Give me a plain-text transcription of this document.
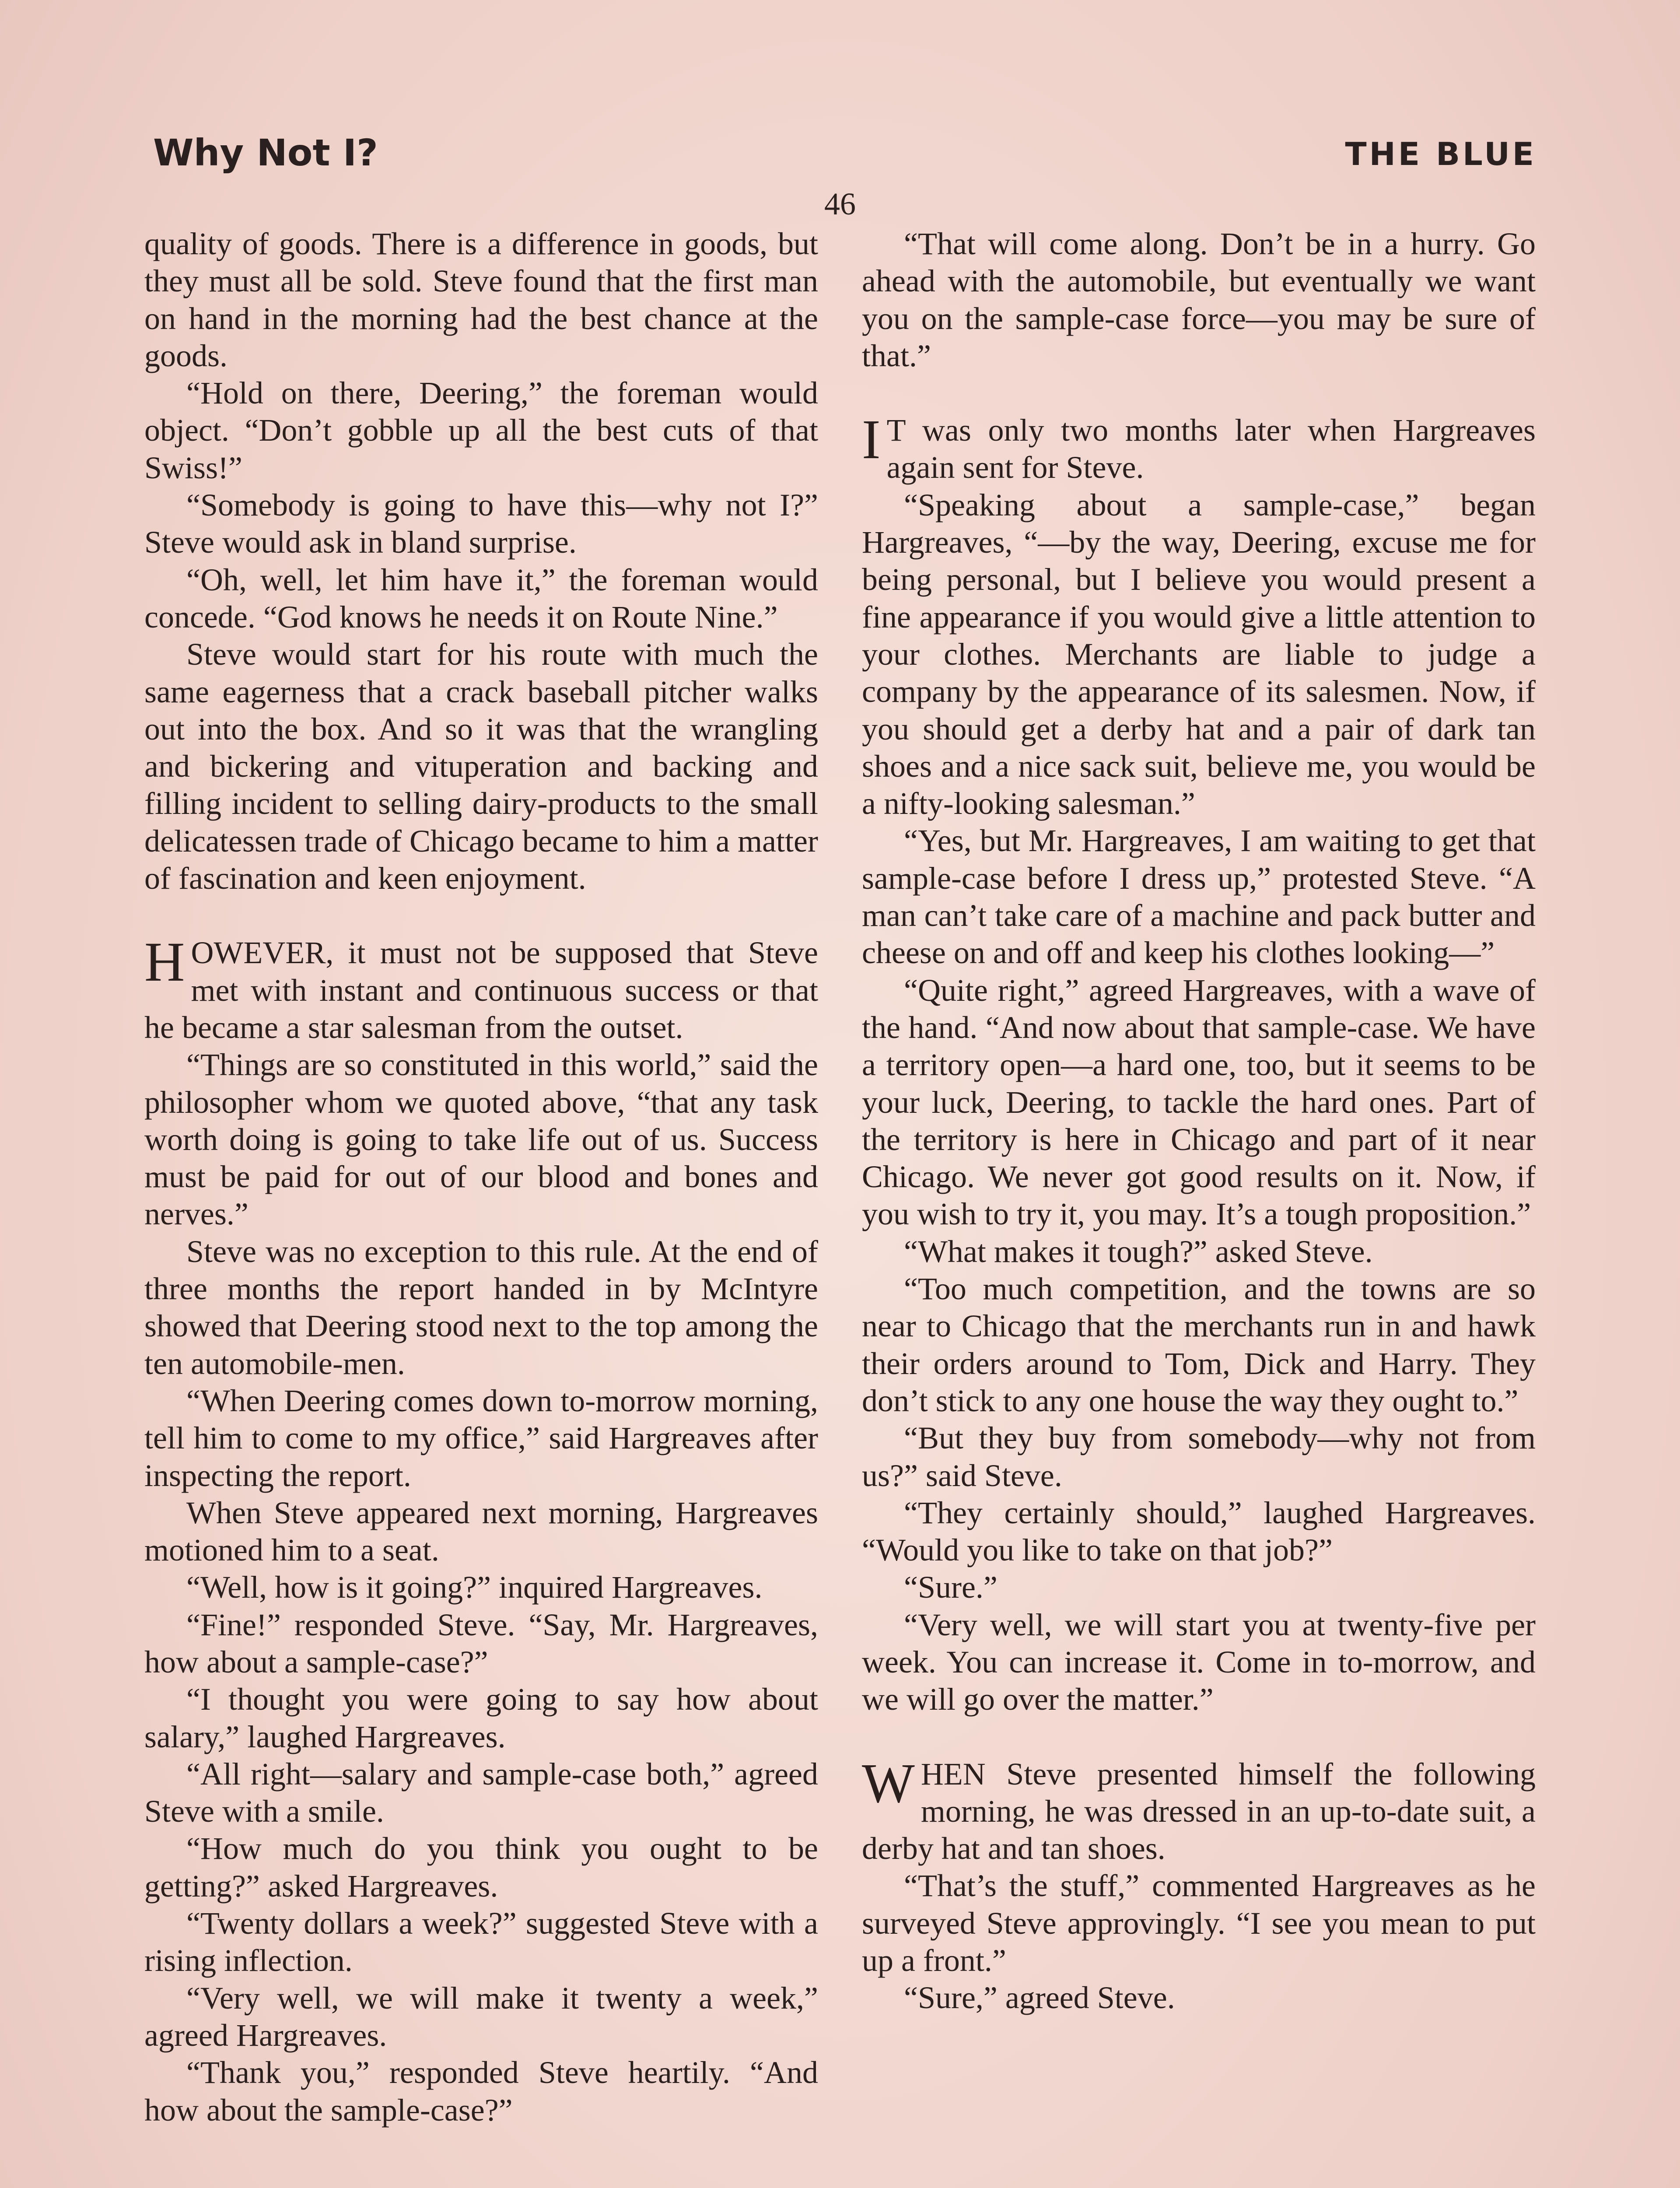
Why Not I?	THE BLUE
46

quality of goods. There is a difference in goods, but they must all be sold. Steve found that the first man on hand in the morning had the best chance at the goods.

“Hold on there, Deering,” the foreman would object. “Don’t gobble up all the best cuts of that Swiss!”

“Somebody is going to have this—why not I?” Steve would ask in bland surprise.

“Oh, well, let him have it,” the foreman would concede. “God knows he needs it on Route Nine.”

Steve would start for his route with much the same eagerness that a crack baseball pitcher walks out into the box. And so it was that the wrangling and bickering and vituperation and backing and filling incident to selling dairy-products to the small delicatessen trade of Chicago became to him a matter of fascination and keen enjoyment.

HOWEVER, it must not be supposed that Steve met with instant and continuous success or that he became a star salesman from the outset.

“Things are so constituted in this world,” said the philosopher whom we quoted above, “that any task worth doing is going to take life out of us. Success must be paid for out of our blood and bones and nerves.”

Steve was no exception to this rule. At the end of three months the report handed in by McIntyre showed that Deering stood next to the top among the ten automobile-men.

“When Deering comes down to-morrow morning, tell him to come to my office,” said Hargreaves after inspecting the report.

When Steve appeared next morning, Hargreaves motioned him to a seat.

“Well, how is it going?” inquired Hargreaves.

“Fine!” responded Steve. “Say, Mr. Hargreaves, how about a sample-case?”

“I thought you were going to say how about salary,” laughed Hargreaves.

“All right—salary and sample-case both,” agreed Steve with a smile.

“How much do you think you ought to be getting?” asked Hargreaves.

“Twenty dollars a week?” suggested Steve with a rising inflection.

“Very well, we will make it twenty a week,” agreed Hargreaves.

“Thank you,” responded Steve heartily. “And how about the sample-case?”

“That will come along. Don’t be in a hurry. Go ahead with the automobile, but eventually we want you on the sample-case force—you may be sure of that.”

I T was only two months later when Hargreaves again sent for Steve.

“Speaking about a sample-case,” began Hargreaves, “—by the way, Deering, excuse me for being personal, but I believe you would present a fine appearance if you would give a little attention to your clothes. Merchants are liable to judge a company by the appearance of its salesmen. Now, if you should get a derby hat and a pair of dark tan shoes and a nice sack suit, believe me, you would be a nifty-looking salesman.”

“Yes, but Mr. Hargreaves, I am waiting to get that sample-case before I dress up,” protested Steve. “A man can’t take care of a machine and pack butter and cheese on and off and keep his clothes looking—”

“Quite right,” agreed Hargreaves, with a wave of the hand. “And now about that sample-case. We have a territory open—a hard one, too, but it seems to be your luck, Deering, to tackle the hard ones. Part of the territory is here in Chicago and part of it near Chicago. We never got good results on it. Now, if you wish to try it, you may. It’s a tough proposition.”

“What makes it tough?” asked Steve.

“Too much competition, and the towns are so near to Chicago that the merchants run in and hawk their orders around to Tom, Dick and Harry. They don’t stick to any one house the way they ought to.”

“But they buy from somebody—why not from us?” said Steve.

“They certainly should,” laughed Hargreaves. “Would you like to take on that job?”

“Sure.”

“Very well, we will start you at twenty-five per week. You can increase it. Come in to-morrow, and we will go over the matter.”

WHEN Steve presented himself the following morning, he was dressed in an up-to-date suit, a derby hat and tan shoes.

“That’s the stuff,” commented Hargreaves as he surveyed Steve approvingly. “I see you mean to put up a front.”

“Sure,” agreed Steve.
